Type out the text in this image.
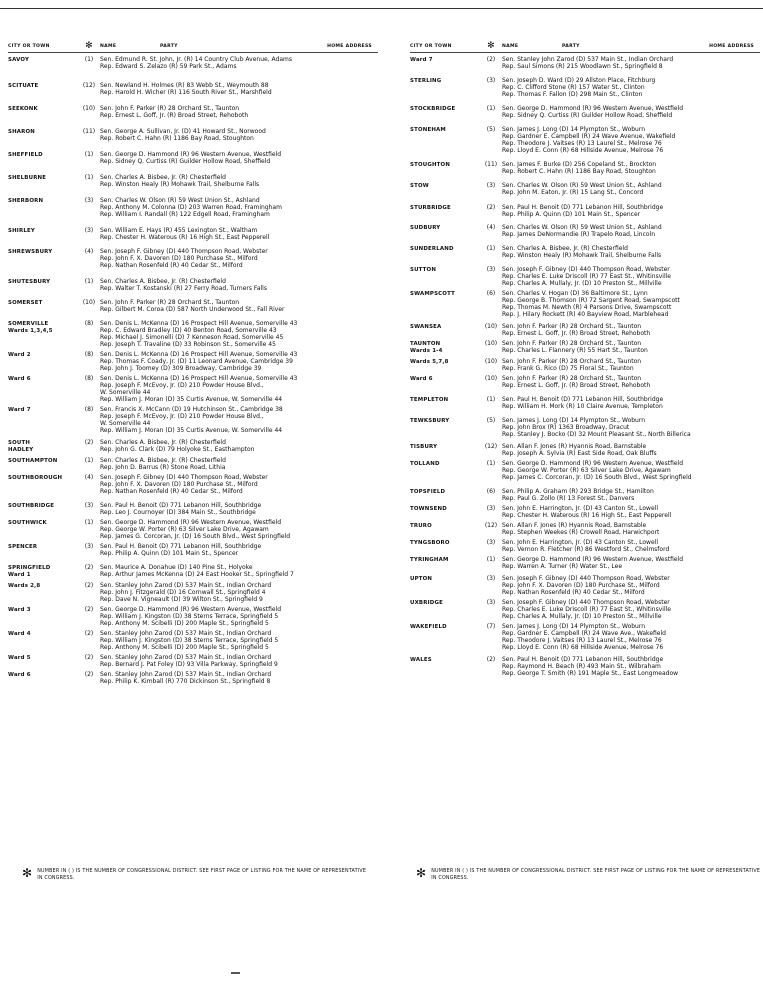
CITY OR TOWN	✻	NAME	PARTY	HOME ADDRESS
SAVOY	(1)	Sen. Edmund R. St. John, Jr. (R) 14 Country Club Avenue, Adams
Rep. Edward S. Zelazo (R) 59 Park St., Adams
SCITUATE	(12) Sen. Newland H. Holmes (R) 83 Webb St., Weymouth 88
Rep. Harold H. Wicher (R) 116 South River St., Marshfield
SEEKONK	(10) Sen. John F. Parker (R) 28 Orchard St., Taunton
Rep. Ernest L. Goff, Jr. (R) Broad Street, Rehoboth
SHARON	(11) Sen. George A. Sullivan, Jr. (D) 41 Howard St., Norwood
Rep. Robert C. Hahn (R) 1186 Bay Road, Stoughton
SHEFFIELD	(1)	Sen. George D. Hammond (R) 96 Western Avenue, Westfield
Rep. Sidney Q. Curtiss (R) Guilder Hollow Road, Sheffield
SHELBURNE	(1)	Sen. Charles A. Bisbee, Jr. (R) Chesterfield
Rep. Winston Healy (R) Mohawk Trail, Shelburne Falls
SHERBORN	(3)	Sen. Charles W. Olson (R) 59 West Union St., Ashland
Rep. Anthony M. Colonna (D) 203 Warren Road, Framingham
Rep. William I. Randall (R) 122 Edgell Road, Framingham
SHIRLEY	(3)	Sen. William E. Hays (R) 455 Lexington St., Waltham
Rep. Chester H. Waterous (R) 16 High St., East Pepperell
SHREWSBURY	(4)	Sen. Joseph F. Gibney (D) 440 Thompson Road, Webster
Rep. John F. X. Davoren (D) 180 Purchase St., Milford
Rep. Nathan Rosenfeld (R) 40 Cedar St., Milford
SHUTESBURY	(1)	Sen. Charles A. Bisbee, Jr. (R) Chesterfield
Rep. Walter T. Kostanski (R) 27 Ferry Road, Turners Falls
SOMERSET	(10) Sen. John F. Parker (R) 28 Orchard St., Taunton
Rep. Gilbert M. Coroa (D) 587 North Underwood St., Fall River
SOMERVILLE
Wards 1,3,4,5
(8)	Sen. Denis L. McKenna (D) 16 Prospect Hill Avenue, Somerville 43
Rep. C. Edward Bradley (D) 40 Benton Road, Somerville 43
Rep. Michael J. Simonelli (D) 7 Kenneson Road, Somerville 45
Rep. Joseph T. Travaline (D) 33 Robinson St., Somerville 45
Ward 2	(8)	Sen. Denis L. McKenna (D) 16 Prospect Hill Avenue, Somerville 43
Rep. Thomas F. Coady, Jr. (D) 11 Leonard Avenue, Cambridge 39
Rep. John J. Toomey (D) 309 Broadway, Cambridge 39
Ward 6	(8)	Sen. Denis L. McKenna (D) 16 Prospect Hill Avenue, Somerville 43
Rep. Joseph F. McEvoy, Jr. (D) 210 Powder House Blvd.,
W. Somerville 44
Rep. William J. Moran (D) 35 Curtis Avenue, W. Somerville 44
Ward 7	(8)	Sen. Francis X. McCann (D) 19 Hutchinson St., Cambridge 38
Rep. Joseph F. McEvoy, Jr. (D) 210 Powder House Blvd.,
W. Somerville 44
Rep. William J. Moran (D) 35 Curtis Avenue, W. Somerville 44
SOUTH
HADLEY
(2)	Sen. Charles A. Bisbee, Jr. (R) Chesterfield
Rep. John G. Clark (D) 79 Holyoke St., Easthampton
SOUTHAMPTON	(1)	Sen. Charles A. Bisbee, Jr. (R) Chesterfield
Rep. John D. Barrus (R) Stone Road, Lithia
SOUTHBOROUGH	(4)	Sen. Joseph F. Gibney (D) 440 Thompson Road, Webster
Rep. John F. X. Davoren (D) 180 Purchase St., Milford
Rep. Nathan Rosenfeld (R) 40 Cedar St., Milford
SOUTHBRIDGE	(3)	Sen. Paul H. Benoit (D) 771 Lebanon Hill, Southbridge
Rep. Leo J. Cournoyer (D) 384 Main St., Southbridge
SOUTHWICK	(1)	Sen. George D. Hammond (R) 96 Western Avenue, Westfield
Rep. George W. Porter (R) 63 Silver Lake Drive, Agawam
Rep. James G. Corcoran, Jr. (D) 16 South Blvd., West Springfield
SPENCER	(3)	Sen. Paul H. Benoit (D) 771 Lebanon Hill, Southbridge
Rep. Philip A. Quinn (D) 101 Main St., Spencer
SPRINGFIELD
Ward 1
(2)	Sen. Maurice A. Donahue (D) 140 Pine St., Holyoke
Rep. Arthur James McKenna (D) 24 East Hooker St., Springfield 7
Wards 2,8	(2)	Sen. Stanley John Zarod (D) 537 Main St., Indian Orchard
Rep. John J. Fitzgerald (D) 16 Cornwall St., Springfield 4
Rep. Dave N. Vigneault (D) 39 Wilton St., Springfield 9
Ward 3	(2)	Sen. George D. Hammond (R) 96 Western Avenue, Westfield
Rep. William J. Kingston (D) 38 Sterns Terrace, Springfield 5
Rep. Anthony M. Scibelli (D) 200 Maple St., Springfield 5
Ward 4	(2)	Sen. Stanley John Zarod (D) 537 Main St., Indian Orchard
Rep. William J. Kingston (D) 38 Sterns Terrace, Springfield 5
Rep. Anthony M. Scibelli (D) 200 Maple St., Springfield 5
Ward 5	(2)	Sen. Stanley John Zarod (D) 537 Main St., Indian Orchard
Rep. Bernard J. Pat Foley (D) 93 Villa Parkway, Springfield 9
Ward 6	(2)	Sen. Stanley John Zarod (D) 537 Main St., Indian Orchard
Rep. Philip K. Kimball (R) 770 Dickinson St., Springfield 8
CITY OR TOWN	✻	NAME	PARTY	HOME ADDRESS
Ward 7	(2)	Sen. Stanley John Zarod (D) 537 Main St., Indian Orchard
Rep. Saul Simons (R) 215 Woodlawn St., Springfield 8
STERLING	(3)	Sen. Joseph D. Ward (D) 29 Allston Place, Fitchburg
Rep. C. Clifford Stone (R) 157 Water St., Clinton
Rep. Thomas F. Fallon (D) 298 Main St., Clinton
STOCKBRIDGE	(1)	Sen. George D. Hammond (R) 96 Western Avenue, Westfield
Rep. Sidney Q. Curtiss (R) Guilder Hollow Road, Sheffield
STONEHAM	(5)	Sen. James J. Long (D) 14 Plympton St., Woburn
Rep. Gardner E. Campbell (R) 24 Wave Avenue, Wakefield
Rep. Theodore J. Vaitses (R) 13 Laurel St., Melrose 76
Rep. Lloyd E. Conn (R) 68 Hillside Avenue, Melrose 76
STOUGHTON	(11) Sen. James F. Burke (D) 256 Copeland St., Brockton
Rep. Robert C. Hahn (R) 1186 Bay Road, Stoughton
STOW	(3)	Sen. Charles W. Olson (R) 59 West Union St., Ashland
Rep. John M. Eaton, Jr. (R) 15 Lang St., Concord
STURBRIDGE	(2)	Sen. Paul H. Benoit (D) 771 Lebanon Hill, Southbridge
Rep. Philip A. Quinn (D) 101 Main St., Spencer
SUDBURY	(4)	Sen. Charles W. Olson (R) 59 West Union St., Ashland
Rep. James DeNormandie (R) Trapelo Road, Lincoln
SUNDERLAND	(1)	Sen. Charles A. Bisbee, Jr. (R) Chesterfield
Rep. Winston Healy (R) Mohawk Trail, Shelburne Falls
SUTTON	(3)	Sen. Joseph F. Gibney (D) 440 Thompson Road, Webster
Rep. Charles E. Luke Driscoll (R) 77 East St., Whitinsville
Rep. Charles A. Mullaly, Jr. (D) 10 Preston St., Millville
SWAMPSCOTT	(6)	Sen. Charles V. Hogan (D) 36 Baltimore St., Lynn
Rep. George B. Thomson (R) 72 Sargent Road, Swampscott
Rep. Thomas M. Newth (R) 4 Parsons Drive, Swampscott
Rep. J. Hilary Rockett (R) 40 Bayview Road, Marblehead
SWANSEA	(10) Sen. John F. Parker (R) 28 Orchard St., Taunton
Rep. Ernest L. Goff, Jr. (R) Broad Street, Rehoboth
TAUNTON
Wards 1-4
(10) Sen. John F. Parker (R) 28 Orchard St., Taunton
Rep. Charles L. Flannery (R) 55 Hart St., Taunton
Wards 5,7,8	(10) Sen. John F. Parker (R) 28 Orchard St., Taunton
Rep. Frank G. Rico (D) 75 Floral St., Taunton
Ward 6	(10) Sen. John F. Parker (R) 28 Orchard St., Taunton
Rep. Ernest L. Goff, Jr. (R) Broad Street, Rehoboth
TEMPLETON	(1)	Sen. Paul H. Benoit (D) 771 Lebanon Hill, Southbridge
Rep. William H. Mork (R) 10 Claire Avenue, Templeton
TEWKSBURY	(5)	Sen. James J. Long (D) 14 Plympton St., Woburn
Rep. John Brox (R) 1363 Broadway, Dracut
Rep. Stanley J. Bocko (D) 32 Mount Pleasant St., North Billerica
TISBURY	(12) Sen. Allan F. Jones (R) Hyannis Road, Barnstable
Rep. Joseph A. Sylvia (R) East Side Road, Oak Bluffs
TOLLAND	(1)	Sen. George D. Hammond (R) 96 Western Avenue, Westfield
Rep. George W. Porter (R) 63 Silver Lake Drive, Agawam
Rep. James C. Corcoran, Jr. (D) 16 South Blvd., West Springfield
TOPSFIELD	(6)	Sen. Philip A. Graham (R) 293 Bridge St., Hamilton
Rep. Paul G. Zollo (R) 13 Forest St., Danvers
TOWNSEND	(3)	Sen. John E. Harrington, Jr. (D) 43 Canton St., Lowell
Rep. Chester H. Waterous (R) 16 High St., East Pepperell
TRURO	(12) Sen. Allan F. Jones (R) Hyannis Road, Barnstable
Rep. Stephen Weekes (R) Crowell Road, Harwichport
TYNGSBORO	(3)	Sen. John E. Harrington, Jr. (D) 43 Canton St., Lowell
Rep. Vernon R. Fletcher (R) 86 Westford St., Chelmsford
TYRINGHAM	(1)	Sen. George D. Hammond (R) 96 Western Avenue, Westfield
Rep. Warren A. Turner (R) Water St., Lee
UPTON	(3)	Sen. Joseph F. Gibney (D) 440 Thompson Road, Webster
Rep. John F. X. Davoren (D) 180 Purchase St., Milford
Rep. Nathan Rosenfeld (R) 40 Cedar St., Milford
UXBRIDGE	(3)	Sen. Joseph F. Gibney (D) 440 Thompson Road, Webster
Rep. Charles E. Luke Driscoll (R) 77 East St., Whitinsville
Rep. Charles A. Mullaly, Jr. (D) 10 Preston St., Millville
WAKEFIELD	(7)	Sen. James J. Long (D) 14 Plympton St., Woburn
Rep. Gardner E. Campbell (R) 24 Wave Ave., Wakefield
Rep. Theodore J. Vaitses (R) 13 Laurel St., Melrose 76
Rep. Lloyd E. Conn (R) 68 Hillside Avenue, Melrose 76
WALES	(2)	Sen. Paul H. Benoit (D) 771 Lebanon Hill, Southbridge
Rep. Raymond H. Beach (R) 493 Main St., Wilbraham
Rep. George T. Smith (R) 191 Maple St., East Longmeadow
✻ NUMBER IN ( ) IS THE NUMBER OF CONGRESSIONAL DISTRICT. SEE FIRST PAGE OF LISTING FOR THE NAME OF REPRESENTATIVE IN CONGRESS.	✻ NUMBER IN ( ) IS THE NUMBER OF CONGRESSIONAL DISTRICT. SEE FIRST PAGE OF LISTING FOR THE NAME OF REPRESENTATIVE IN CONGRESS.
